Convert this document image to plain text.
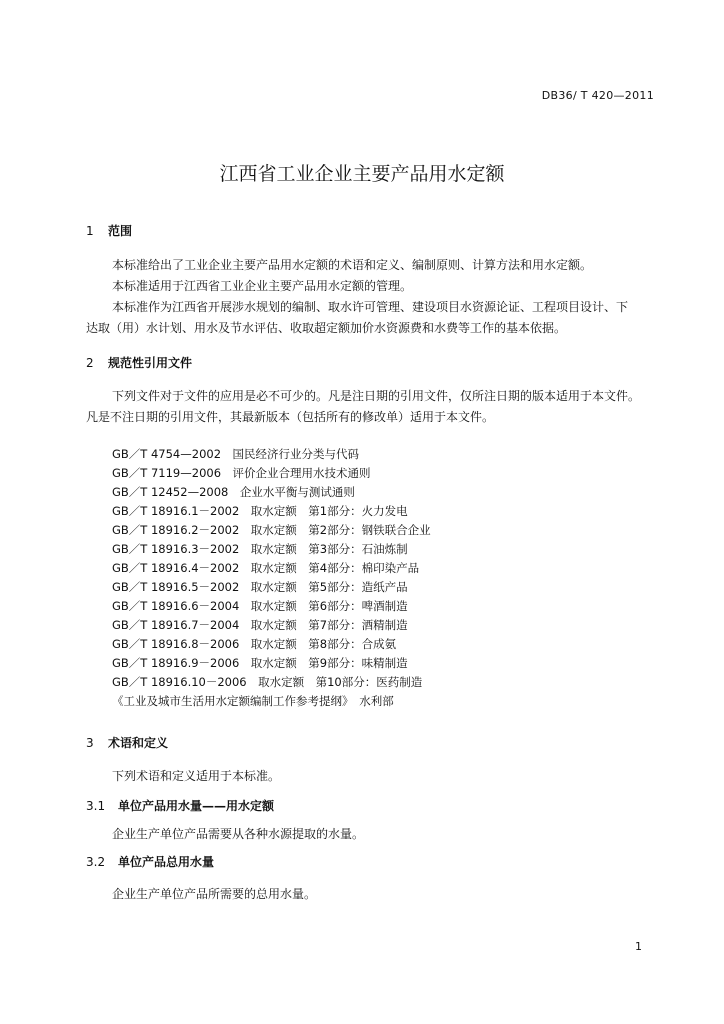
DB36/ T 420—2011
江西省工业企业主要产品用水定额
1 范围
本标准给出了工业企业主要产品用水定额的术语和定义、编制原则、计算方法和用水定额。
本标准适用于江西省工业企业主要产品用水定额的管理。
本标准作为江西省开展涉水规划的编制、取水许可管理、建设项目水资源论证、工程项目设计、下
达取（用）水计划、用水及节水评估、收取超定额加价水资源费和水费等工作的基本依据。
2 规范性引用文件
下列文件对于文件的应用是必不可少的。凡是注日期的引用文件，仅所注日期的版本适用于本文件。
凡是不注日期的引用文件，其最新版本（包括所有的修改单）适用于本文件。
GB／T 4754—2002　国民经济行业分类与代码
GB／T 7119—2006　评价企业合理用水技术通则
GB／T 12452—2008　企业水平衡与测试通则
GB／T 18916.1－2002　取水定额　第1部分：火力发电
GB／T 18916.2－2002　取水定额　第2部分：钢铁联合企业
GB／T 18916.3－2002　取水定额　第3部分：石油炼制
GB／T 18916.4－2002　取水定额　第4部分：棉印染产品
GB／T 18916.5－2002　取水定额　第5部分：造纸产品
GB／T 18916.6－2004　取水定额　第6部分：啤酒制造
GB／T 18916.7－2004　取水定额　第7部分：酒精制造
GB／T 18916.8－2006　取水定额　第8部分：合成氨
GB／T 18916.9－2006　取水定额　第9部分：味精制造
GB／T 18916.10－2006　取水定额　第10部分：医药制造
《工业及城市生活用水定额编制工作参考提纲》　水利部
3 术语和定义
下列术语和定义适用于本标准。
3.1 单位产品用水量——用水定额
企业生产单位产品需要从各种水源提取的水量。
3.2 单位产品总用水量
企业生产单位产品所需要的总用水量。
1
